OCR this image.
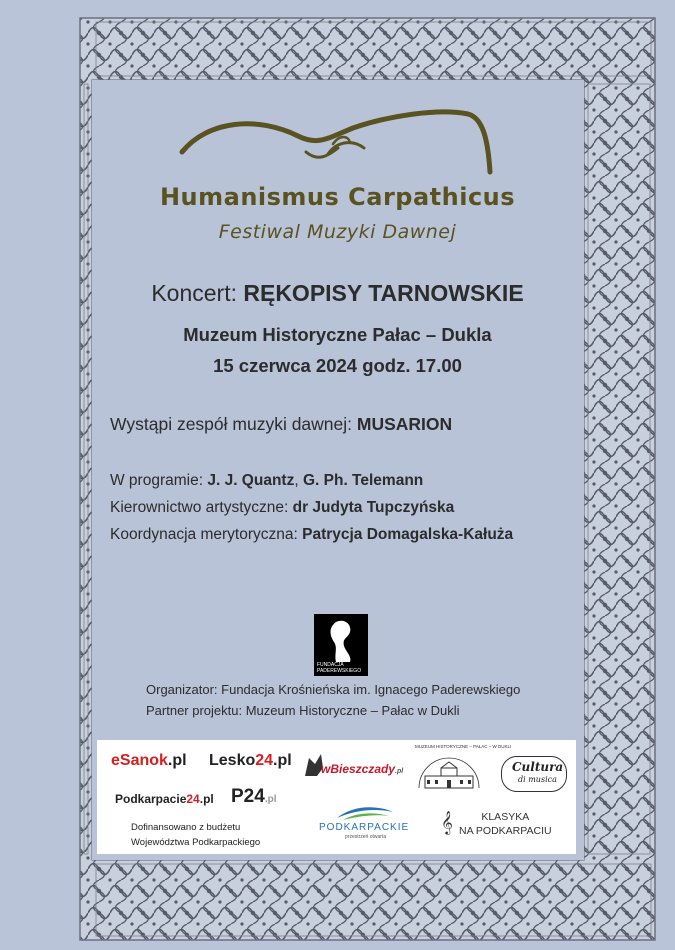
Humanismus Carpathicus
Festiwal Muzyki Dawnej
Koncert: RĘKOPISY TARNOWSKIE
Muzeum Historyczne Pałac – Dukla
15 czerwca 2024 godz. 17.00
Wystąpi zespół muzyki dawnej: MUSARION
W programie: J. J. Quantz, G. Ph. Telemann
Kierownictwo artystyczne: dr Judyta Tupczyńska
Koordynacja merytoryczna: Patrycja Domagalska-Kałuża
FUNDACJA
PADEREWSKIEGO
Organizator: Fundacja Krośnieńska im. Ignacego Paderewskiego
Partner projektu: Muzeum Historyczne – Pałac w Dukli
eSanok.pl Lesko24.pl wBieszczady.pl
MUZEUM HISTORYCZNE – PAŁAC – W DUKLI
Cultura
di musica
Podkarpacie24.pl P24.pl
Dofinansowano z budżetu
Województwa Podkarpackiego
PODKARPACKIE
przestrzeń otwarta
𝄞	KLASYKA
NA PODKARPACIU
